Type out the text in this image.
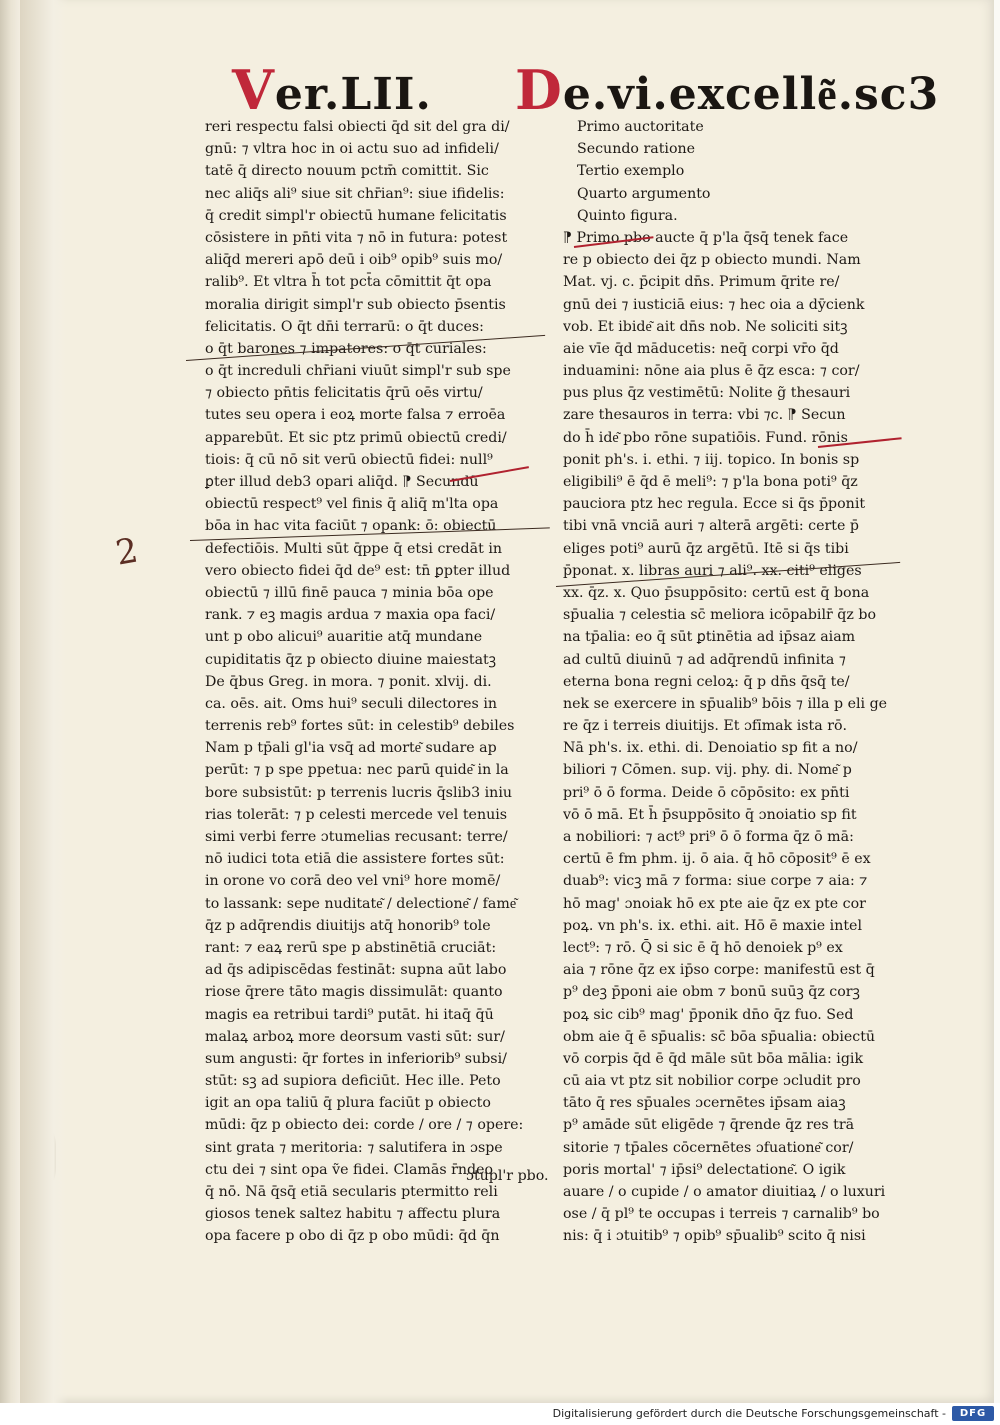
Ver.LII. De.vi.excelle͂.sc3
reri respectu falsi obiecti q̄d sit del gra di/
gnū: ⁊ vltra hoc in oi actu suo ad infideli/
tatē q̄ directo nouum pctm̄ comittit. Sic
nec aliq̄s ali⁹ siue sit chr̄ian⁹: siue ifidelis:
q̄ credit simpl'r obiectū humane felicitatis
cōsistere in pn̄ti vita ⁊ nō in futura: potest
aliq̄d mereri apō deū i oib⁹ opib⁹ suis mo/
ralib⁹. Et vltra h̄ tot pct̄a cōmittit q̄t opa
moralia dirigit simpl'r sub obiecto p̄sentis
felicitatis. O q̄t dn̄i terrarū: o q̄t duces:
o q̄t barones ⁊ impatores: o q̄t curiales:
o q̄t increduli chr̄iani viuūt simpl'r sub spe
⁊ obiecto pn̄tis felicitatis q̄rū oēs virtu/
tutes seu opera i eoꝝ morte falsa ⁊ erroēa
apparebūt. Et sic ptz primū obiectū credi/
tiois: q̄ cū nō sit verū obiectū fidei: null⁹
ꝑter illud deb3 opari aliq̄d. ⁋ Secundū
obiectū respect⁹ vel finis q̄ aliq̄ m'lta opa
bōa in hac vita faciūt ⁊ opank: ō: obiectū
defectiōis. Multi sūt q̄ppe q̄ etsi credāt in
vero obiecto fidei q̄d de⁹ est: tn̄ ꝑpter illud
obiectū ⁊ illū finē pauca ⁊ minia bōa ope
rank. ⁊ eꝫ magis ardua ⁊ maxia opa faci/
unt p obo alicui⁹ auaritie atq̄ mundane
cupiditatis q̄z p obiecto diuine maiestatꝫ
De q̄bus Greg. in mora. ⁊ ponit. xlvij. di.
ca. oēs. ait. Oms hui⁹ seculi dilectores in
terrenis reb⁹ fortes sūt: in celestib⁹ debiles
Nam p tp̄ali gl'ia vsq̄ ad morte͂ sudare ap
perūt: ⁊ p spe ppetua: nec parū quide͂ in la
bore subsistūt: p terrenis lucris q̄slib3 iniu
rias tolerāt: ⁊ p celesti mercede vel tenuis
simi verbi ferre ɔtumelias recusant: terre/
nō iudici tota etiā die assistere fortes sūt:
in orone vo corā deo vel vni⁹ hore momē/
to lassank: sepe nuditate͂ / delectione͂ / fame͂
q̄z p adq̄rendis diuitijs atq̄ honorib⁹ tole
rant: ⁊ eaꝝ rerū spe p abstinētiā cruciāt:
ad q̄s adipiscēdas festināt: supna aūt labo
riose q̄rere tāto magis dissimulāt: quanto
magis ea retribui tardi⁹ putāt. hi itaq̄ q̄ū
malaꝝ arboꝝ more deorsum vasti sūt: sur/
sum angusti: q̄r fortes in inferiorib⁹ subsi/
stūt: sꝫ ad supiora deficiūt. Hec ille. Peto
igit an opa taliū q̄ plura faciūt p obiecto
mūdi: q̄z p obiecto dei: corde / ore / ⁊ opere:
sint grata ⁊ meritoria: ⁊ salutifera in ɔspe
ctu dei ⁊ sint opa ṽe fidei. Clamās r̄ndeo
q̄ nō. Nā q̄sq̄ etiā secularis ptermitto reli
giosos tenek saltez habitu ⁊ affectu plura
opa facere p obo di q̄z p obo mūdi: q̄d q̄n
Primo auctoritate
Secundo ratione
Tertio exemplo
Quarto argumento
Quinto figura.
⁋ Primo pbo aucte q̄ p'la q̄sq̄ tenek face
re p obiecto dei q̄z p obiecto mundi. Nam
Mat. vj. c. p̄cipit dn̄s. Primum q̄rite re/
gnū dei ⁊ iusticiā eius: ⁊ hec oia a dȳcienk
vob. Et ibide͂ ait dn̄s nob. Ne soliciti sitꝫ
aie vīe q̄d māducetis: neq̄ corpi vr̄o q̄d
induamini: nōne aia plus ē q̄z esca: ⁊ cor/
pus plus q̄z vestimētū: Nolite g̃ thesauri
zare thesauros in terra: vbi ⁊c. ⁋ Secun
do h̄ ide͂ pbo rōne supatiōis. Fund. rōnis
ponit ph's. i. ethi. ⁊ iij. topico. In bonis sp
eligibili⁹ ē q̄d ē meli⁹: ⁊ p'la bona poti⁹ q̄z
pauciora ptz hec regula. Ecce si q̄s p̄ponit
tibi vnā vnciā auri ⁊ alterā argēti: certe p̄
eliges poti⁹ aurū q̄z argētū. Itē si q̄s tibi
p̄ponat. x. libras auri ⁊ ali⁹. xx. citi⁹ eliges
xx. q̄z. x. Quo p̄suppōsito: certū est q̄ bona
sp̄ualia ⁊ celestia sc̄ meliora icōpabilr̄ q̄z bo
na tp̄alia: eo q̄ sūt ꝑtinētia ad ip̄saz aiam
ad cultū diuinū ⁊ ad adq̄rendū infinita ⁊
eterna bona regni celoꝝ: q̄ p dn̄s q̄sq̄ te/
nek se exercere in sp̄ualib⁹ bōis ⁊ illa p eli ge
re q̄z i terreis diuitijs. Et ɔfīmak ista rō.
Nā ph's. ix. ethi. di. Denoiatio sp fit a no/
biliori ⁊ Cōmen. sup. vij. phy. di. Nome͂ p
pri⁹ ō ō forma. Deide ō cōpōsito: ex pn̄ti
vō ō mā. Et h̄ p̄suppōsito q̄ ɔnoiatio sp fit
a nobiliori: ⁊ act⁹ pri⁹ ō ō forma q̄z ō mā:
certū ē fm phm. ij. ō aia. q̄ hō cōposit⁹ ē ex
duab⁹: vicꝫ mā ⁊ forma: siue corpe ⁊ aia: ⁊
hō mag' ɔnoiak hō ex pte aie q̄z ex pte cor
poꝝ. vn ph's. ix. ethi. ait. Hō ē maxie intel
lect⁹: ⁊ rō. Q̄ si sic ē q̄ hō denoiek p⁹ ex
aia ⁊ rōne q̄z ex ip̄so corpe: manifestū est q̄
p⁹ deꝫ p̄poni aie obm ⁊ bonū suūꝫ q̄z corꝫ
poꝝ sic cib⁹ mag' p̄ponik dn̄o q̄z fuo. Sed
obm aie q̄ ē sp̄ualis: sc̄ bōa sp̄ualia: obiectū
vō corpis q̄d ē q̄d māle sūt bōa mālia: igik
cū aia vt ptz sit nobilior corpe ɔcludit pro
tāto q̄ res sp̄uales ɔcernētes ip̄sam aiaꝫ
p⁹ amāde sūt eligēde ⁊ q̄rende q̄z res trā
sitorie ⁊ tp̄ales cōcernētes ɔfuatione͂ cor/
poris mortal' ⁊ ip̄si⁹ delectatione͂. O igik
auare / o cupide / o amator diuitiaꝝ / o luxuri
ose / q̄ pl⁹ te occupas i terreis ⁊ carnalib⁹ bo
nis: q̄ i ɔtuitib⁹ ⁊ opib⁹ sp̄ualib⁹ scito q̄ nisi
ɔtupl'r pbo.
2
Digitalisierung gefördert durch die Deutsche Forschungsgemeinschaft -	DFG
